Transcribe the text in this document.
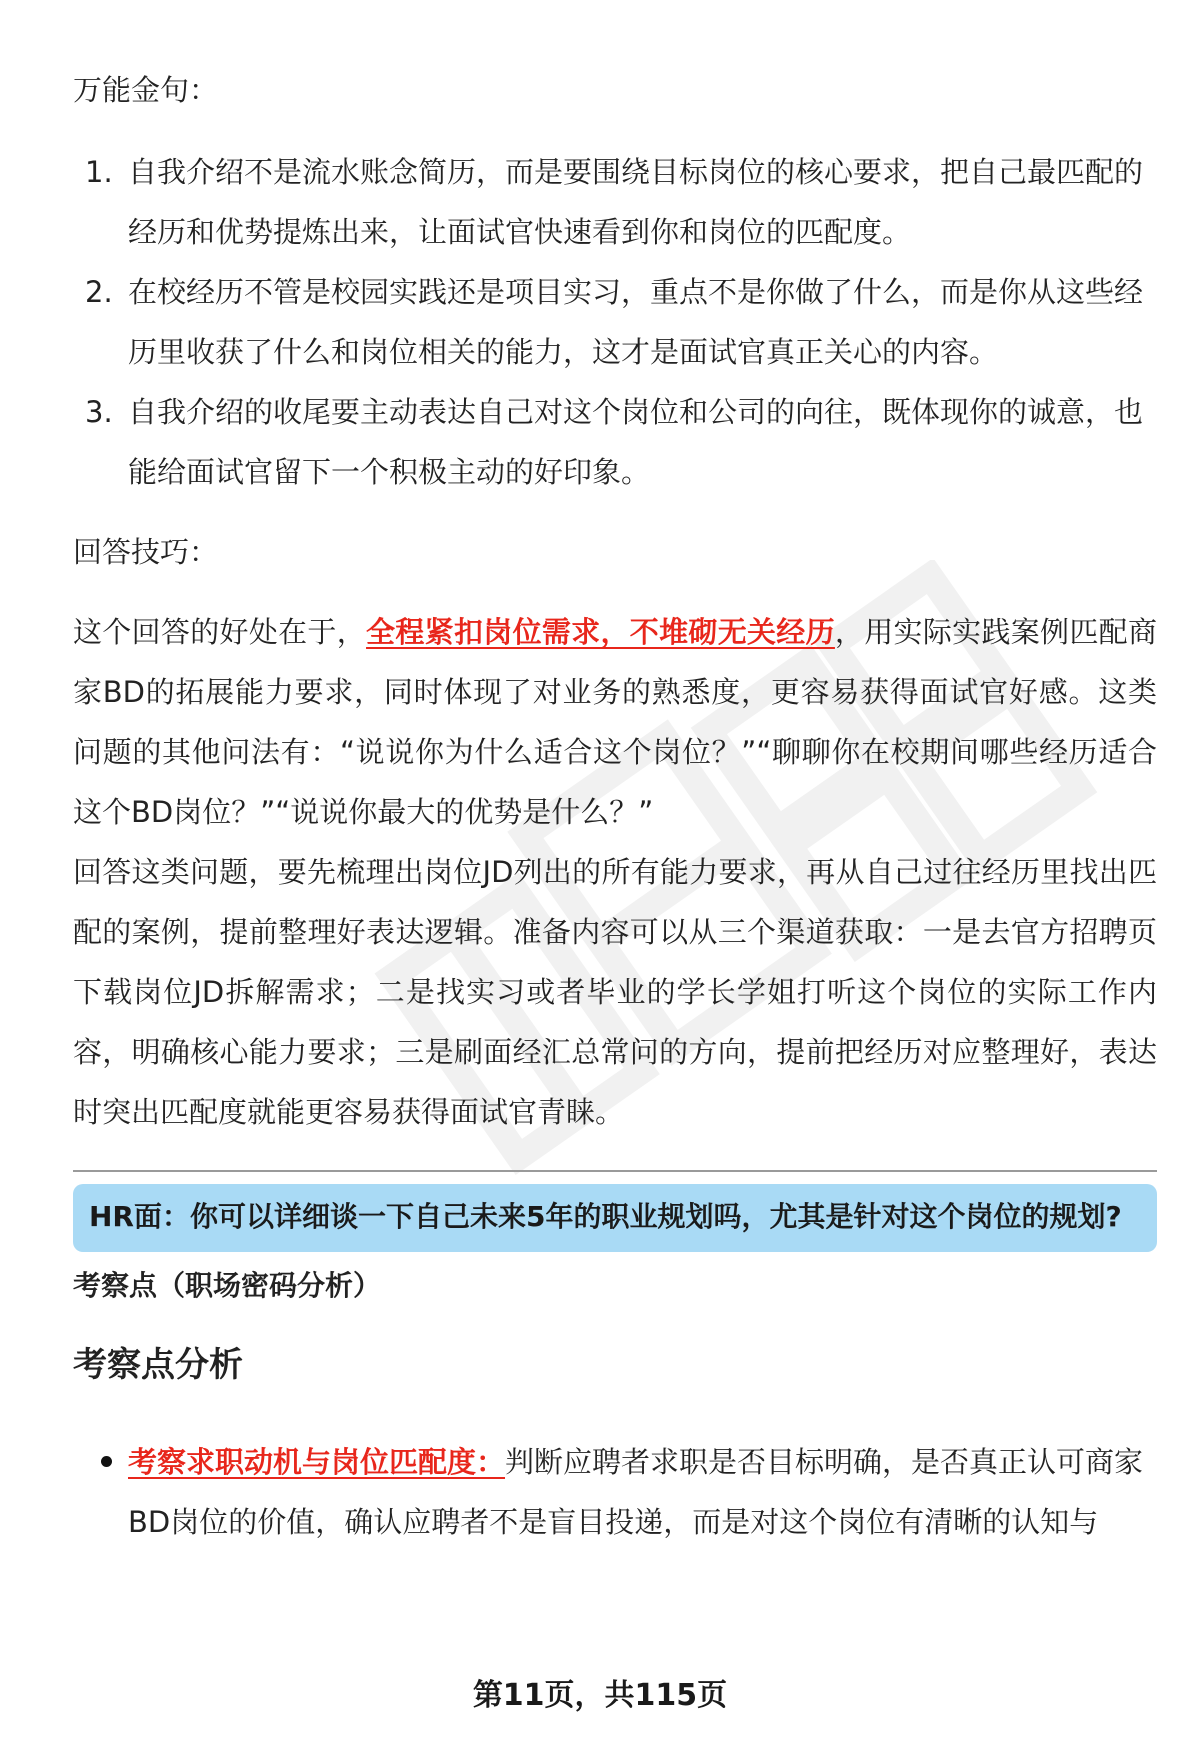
万能金句：

1. 自我介绍不是流水账念简历，而是要围绕目标岗位的核心要求，把自己最匹配的经历和优势提炼出来，让面试官快速看到你和岗位的匹配度。
2. 在校经历不管是校园实践还是项目实习，重点不是你做了什么，而是你从这些经历里收获了什么和岗位相关的能力，这才是面试官真正关心的内容。
3. 自我介绍的收尾要主动表达自己对这个岗位和公司的向往，既体现你的诚意，也能给面试官留下一个积极主动的好印象。

回答技巧：

这个回答的好处在于，全程紧扣岗位需求，不堆砌无关经历，用实际实践案例匹配商家BD的拓展能力要求，同时体现了对业务的熟悉度，更容易获得面试官好感。这类问题的其他问法有：“说说你为什么适合这个岗位？”“聊聊你在校期间哪些经历适合这个BD岗位？”“说说你最大的优势是什么？”

回答这类问题，要先梳理出岗位JD列出的所有能力要求，再从自己过往经历里找出匹配的案例，提前整理好表达逻辑。准备内容可以从三个渠道获取：一是去官方招聘页下载岗位JD拆解需求；二是找实习或者毕业的学长学姐打听这个岗位的实际工作内容，明确核心能力要求；三是刷面经汇总常问的方向，提前把经历对应整理好，表达时突出匹配度就能更容易获得面试官青睐。

HR面：你可以详细谈一下自己未来5年的职业规划吗，尤其是针对这个岗位的规划?

考察点（职场密码分析）

考察点分析

考察求职动机与岗位匹配度：判断应聘者求职是否目标明确，是否真正认可商家BD岗位的价值，确认应聘者不是盲目投递，而是对这个岗位有清晰的认知与
第11页，共115页
